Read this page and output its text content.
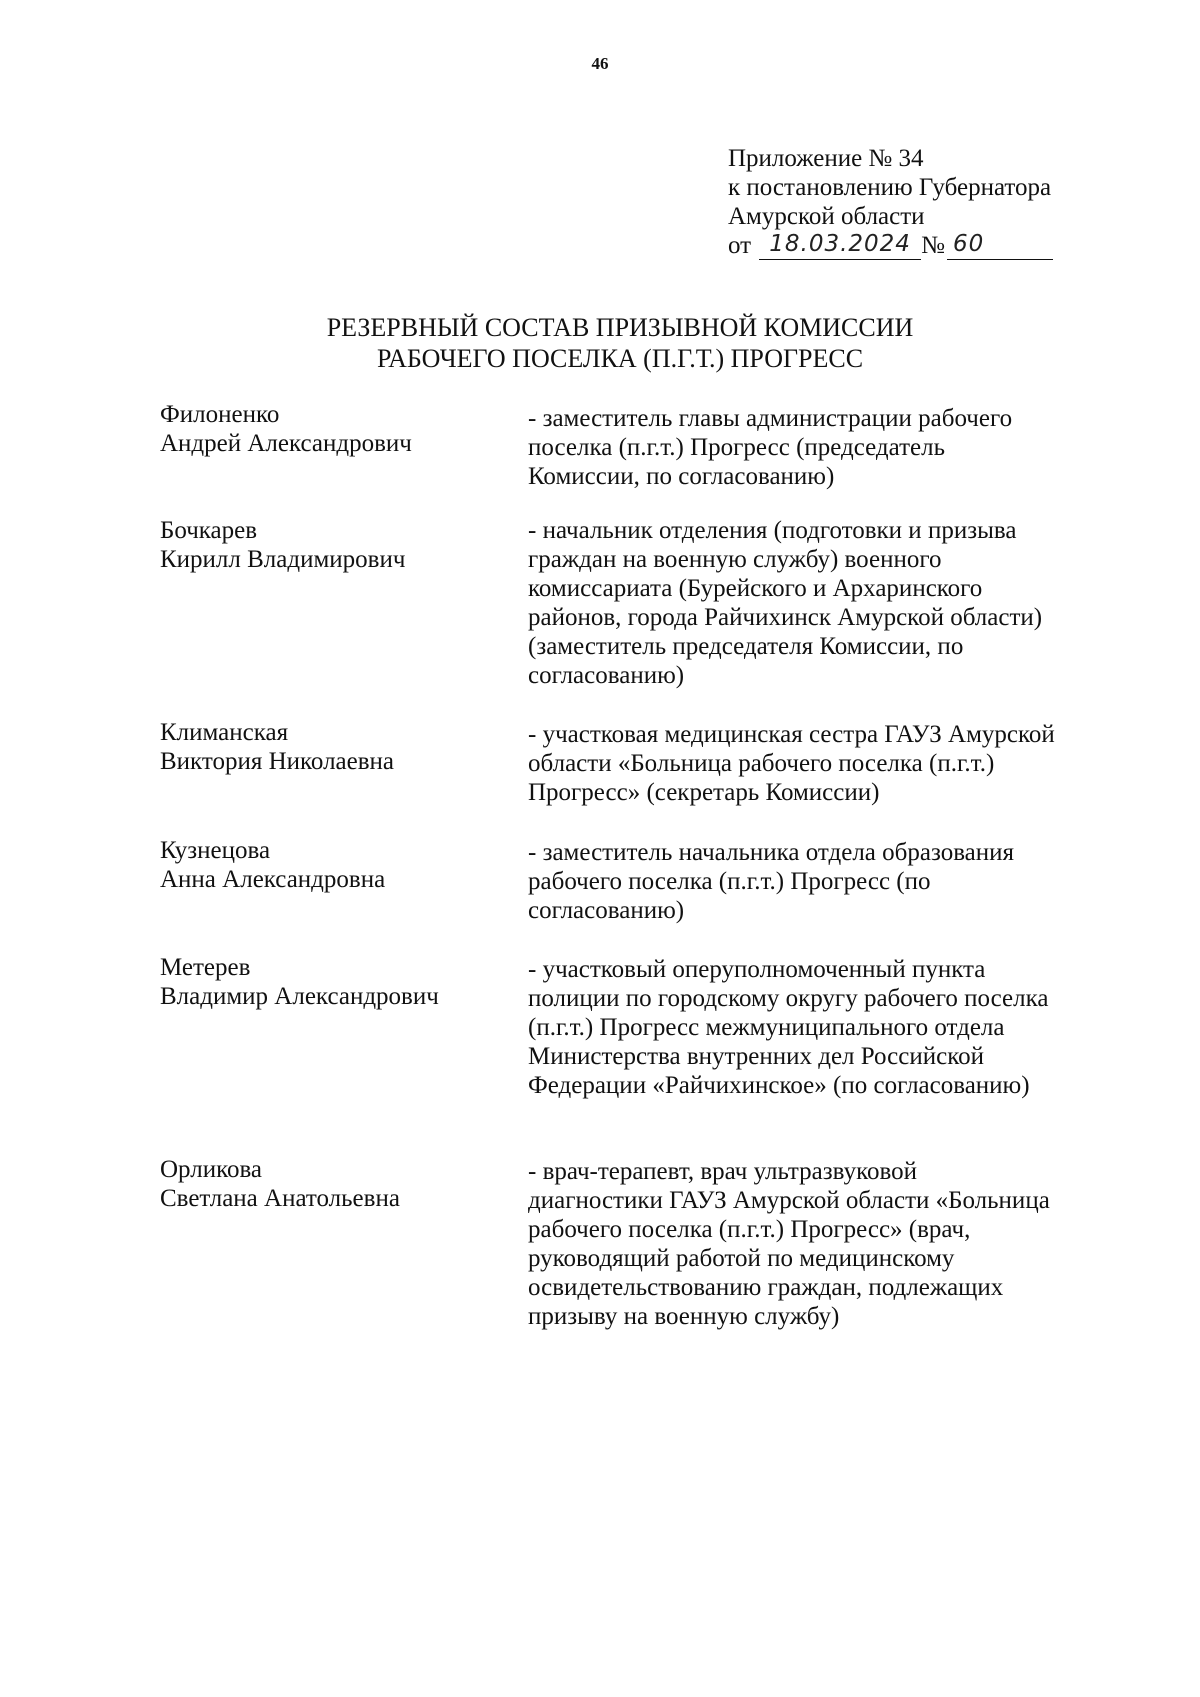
46
Приложение № 34
к постановлению Губернатора
Амурской области
от 18.03.2024 № 60
РЕЗЕРВНЫЙ СОСТАВ ПРИЗЫВНОЙ КОМИССИИ
РАБОЧЕГО ПОСЕЛКА (П.Г.Т.) ПРОГРЕСС
Филоненко
Андрей Александрович
- заместитель главы администрации рабочего поселка (п.г.т.) Прогресс (председатель Комиссии, по согласованию)
Бочкарев
Кирилл Владимирович
- начальник отделения (подготовки и призыва граждан на военную службу) военного комиссариата (Бурейского и Архаринского районов, города Райчихинск Амурской области) (заместитель председателя Комиссии, по согласованию)
Климанская
Виктория Николаевна
- участковая медицинская сестра ГАУЗ Амурской области «Больница рабочего поселка (п.г.т.) Прогресс» (секретарь Комиссии)
Кузнецова
Анна Александровна
- заместитель начальника отдела образования рабочего поселка (п.г.т.) Прогресс (по согласованию)
Метерев
Владимир Александрович
- участковый оперуполномоченный пункта полиции по городскому округу рабочего поселка (п.г.т.) Прогресс межмуниципального отдела Министерства внутренних дел Российской Федерации «Райчихинское» (по согласованию)
Орликова
Светлана Анатольевна
- врач-терапевт, врач ультразвуковой диагностики ГАУЗ Амурской области «Больница рабочего поселка (п.г.т.) Прогресс» (врач, руководящий работой по медицинскому освидетельствованию граждан, подлежащих призыву на военную службу)
